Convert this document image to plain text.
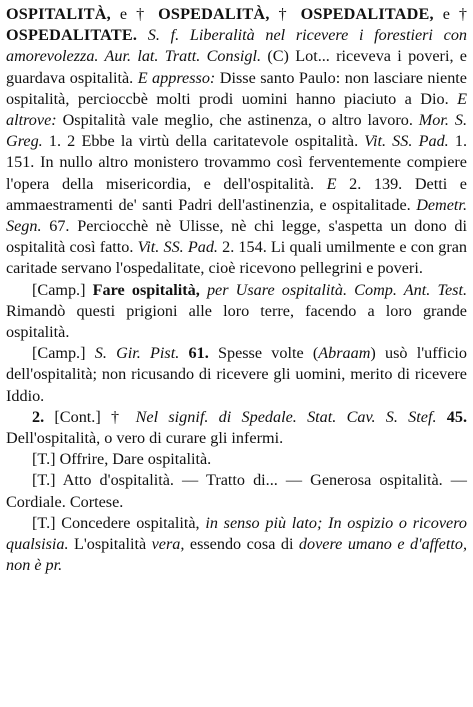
OSPITALITÀ, e † OSPEDALITÀ, † OSPEDALITADE, e † OSPEDALITATE. S. f. Liberalità nel ricevere i forestieri con amorevolezza. Aur. lat. Tratt. Consigl. (C) Lot... riceveva i poveri, e guardava ospitalità. E appresso: Disse santo Paulo: non lasciare niente ospitalità, percioccbè molti prodi uomini hanno piaciuto a Dio. E altrove: Ospitalità vale meglio, che astinenza, o altro lavoro. Mor. S. Greg. 1. 2 Ebbe la virtù della caritatevole ospitalità. Vit. SS. Pad. 1. 151. In nullo altro monistero trovammo così ferventemente compiere l'opera della misericordia, e dell'ospitalità. E 2. 139. Detti e ammaestramenti de' santi Padri dell'astinenzia, e ospitalitade. Demetr. Segn. 67. Perciocchè nè Ulisse, nè chi legge, s'aspetta un dono di ospitalità così fatto. Vit. SS. Pad. 2. 154. Li quali umilmente e con gran caritade servano l'ospedalitate, cioè ricevono pellegrini e poveri.

[Camp.] Fare ospitalità, per Usare ospitalità. Comp. Ant. Test. Rimandò questi prigioni alle loro terre, facendo a loro grande ospitalità.

[Camp.] S. Gir. Pist. 61. Spesse volte (Abraam) usò l'ufficio dell'ospitalità; non ricusando di ricevere gli uomini, merito di ricevere Iddio.

2. [Cont.] † Nel signif. di Spedale. Stat. Cav. S. Stef. 45. Dell'ospitalità, o vero di curare gli infermi.

[T.] Offrire, Dare ospitalità.

[T.] Atto d'ospitalità. — Tratto di... — Generosa ospitalità. — Cordiale. Cortese.

[T.] Concedere ospitalità, in senso più lato; In ospizio o ricovero qualsisia. L'ospitalità vera, essendo cosa di dovere umano e d'affetto, non è pr.
